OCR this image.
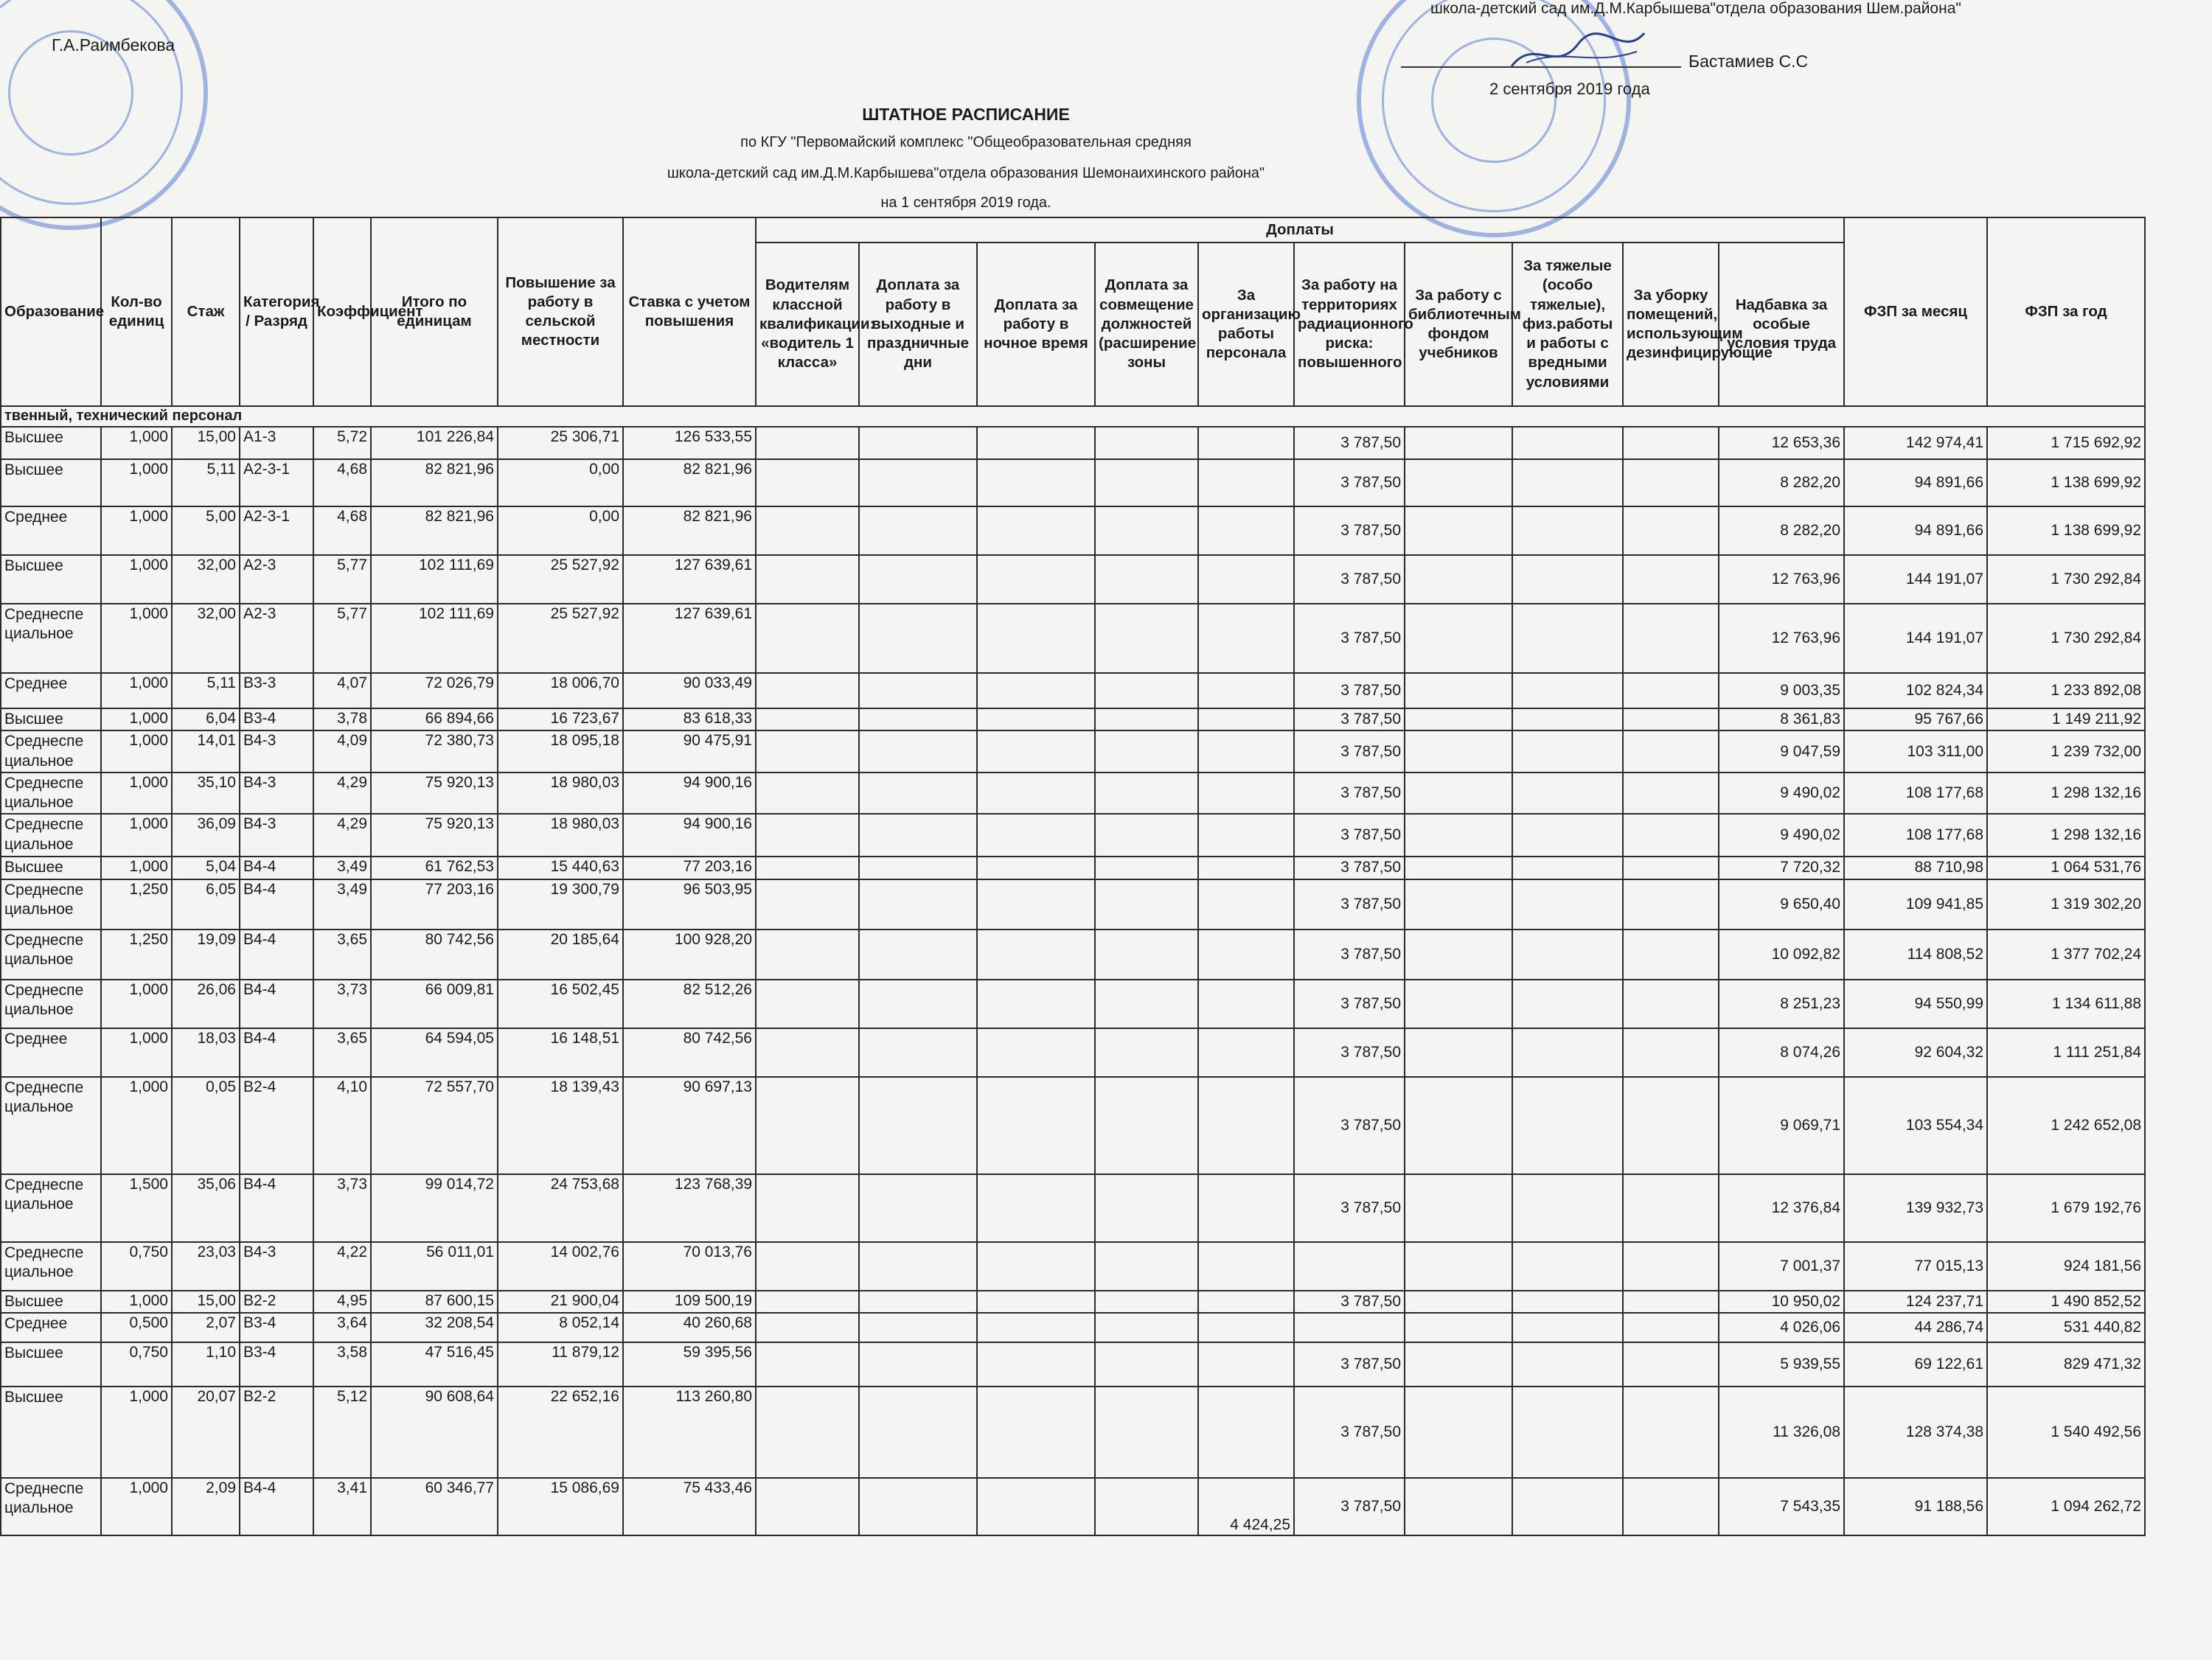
Г.А.Раимбекова
школа-детский сад им.Д.М.Карбышева"отдела образования Шем.района"
Бастамиев С.С
2 сентября 2019 года
ШТАТНОЕ РАСПИСАНИЕ
по КГУ "Первомайский комплекс "Общеобразовательная средняя
школа-детский сад им.Д.М.Карбышева"отдела образования Шемонаихинского района"
на 1 сентября 2019 года.
Образование	Кол-во единиц	Стаж	Категория / Разряд	Коэффициент	Итого по единицам	Повышение за работу в сельской местности	Ставка с учетом повышения	Доплаты										ФЗП за месяц	ФЗП за год
								Водителям классной квалификации: «водитель 1 класса»	Доплата за работу в выходные и праздничные дни	Доплата за работу в ночное время	Доплата за совмещение должностей (расширение зоны	За организацию работы персонала	За работу на территориях радиационного риска: повышенного	За работу с библиотечным фондом учебников	За тяжелые (особо тяжелые), физ.работы и работы с вредными условиями	За уборку помещений, использующим дезинфицирующие	Надбавка за особые условия труда		
твенный, технический персонал																			
Высшее	1,000	15,00	А1-3	5,72	101 226,84	25 306,71	126 533,55						3 787,50				12 653,36	142 974,41	1 715 692,92
Высшее	1,000	5,11	А2-3-1	4,68	82 821,96	0,00	82 821,96						3 787,50				8 282,20	94 891,66	1 138 699,92
Среднее	1,000	5,00	А2-3-1	4,68	82 821,96	0,00	82 821,96						3 787,50				8 282,20	94 891,66	1 138 699,92
Высшее	1,000	32,00	А2-3	5,77	102 111,69	25 527,92	127 639,61						3 787,50				12 763,96	144 191,07	1 730 292,84
Среднеспе циальное	1,000	32,00	А2-3	5,77	102 111,69	25 527,92	127 639,61						3 787,50				12 763,96	144 191,07	1 730 292,84
Среднее	1,000	5,11	В3-3	4,07	72 026,79	18 006,70	90 033,49						3 787,50				9 003,35	102 824,34	1 233 892,08
Высшее	1,000	6,04	В3-4	3,78	66 894,66	16 723,67	83 618,33						3 787,50				8 361,83	95 767,66	1 149 211,92
Среднеспе циальное	1,000	14,01	В4-3	4,09	72 380,73	18 095,18	90 475,91						3 787,50				9 047,59	103 311,00	1 239 732,00
Среднеспе циальное	1,000	35,10	В4-3	4,29	75 920,13	18 980,03	94 900,16						3 787,50				9 490,02	108 177,68	1 298 132,16
Среднеспе циальное	1,000	36,09	В4-3	4,29	75 920,13	18 980,03	94 900,16						3 787,50				9 490,02	108 177,68	1 298 132,16
Высшее	1,000	5,04	В4-4	3,49	61 762,53	15 440,63	77 203,16						3 787,50				7 720,32	88 710,98	1 064 531,76
Среднеспе циальное	1,250	6,05	В4-4	3,49	77 203,16	19 300,79	96 503,95						3 787,50				9 650,40	109 941,85	1 319 302,20
Среднеспе циальное	1,250	19,09	В4-4	3,65	80 742,56	20 185,64	100 928,20						3 787,50				10 092,82	114 808,52	1 377 702,24
Среднеспе циальное	1,000	26,06	В4-4	3,73	66 009,81	16 502,45	82 512,26						3 787,50				8 251,23	94 550,99	1 134 611,88
Среднее	1,000	18,03	В4-4	3,65	64 594,05	16 148,51	80 742,56						3 787,50				8 074,26	92 604,32	1 111 251,84
Среднеспе циальное	1,000	0,05	В2-4	4,10	72 557,70	18 139,43	90 697,13						3 787,50				9 069,71	103 554,34	1 242 652,08
Среднеспе циальное	1,500	35,06	В4-4	3,73	99 014,72	24 753,68	123 768,39						3 787,50				12 376,84	139 932,73	1 679 192,76
Среднеспе циальное	0,750	23,03	В4-3	4,22	56 011,01	14 002,76	70 013,76										7 001,37	77 015,13	924 181,56
Высшее	1,000	15,00	В2-2	4,95	87 600,15	21 900,04	109 500,19						3 787,50				10 950,02	124 237,71	1 490 852,52
Среднее	0,500	2,07	В3-4	3,64	32 208,54	8 052,14	40 260,68										4 026,06	44 286,74	531 440,82
Высшее	0,750	1,10	В3-4	3,58	47 516,45	11 879,12	59 395,56						3 787,50				5 939,55	69 122,61	829 471,32
Высшее	1,000	20,07	В2-2	5,12	90 608,64	22 652,16	113 260,80						3 787,50				11 326,08	128 374,38	1 540 492,56
Среднеспе циальное	1,000	2,09	В4-4	3,41	60 346,77	15 086,69	75 433,46					4 424,25	3 787,50				7 543,35	91 188,56	1 094 262,72
